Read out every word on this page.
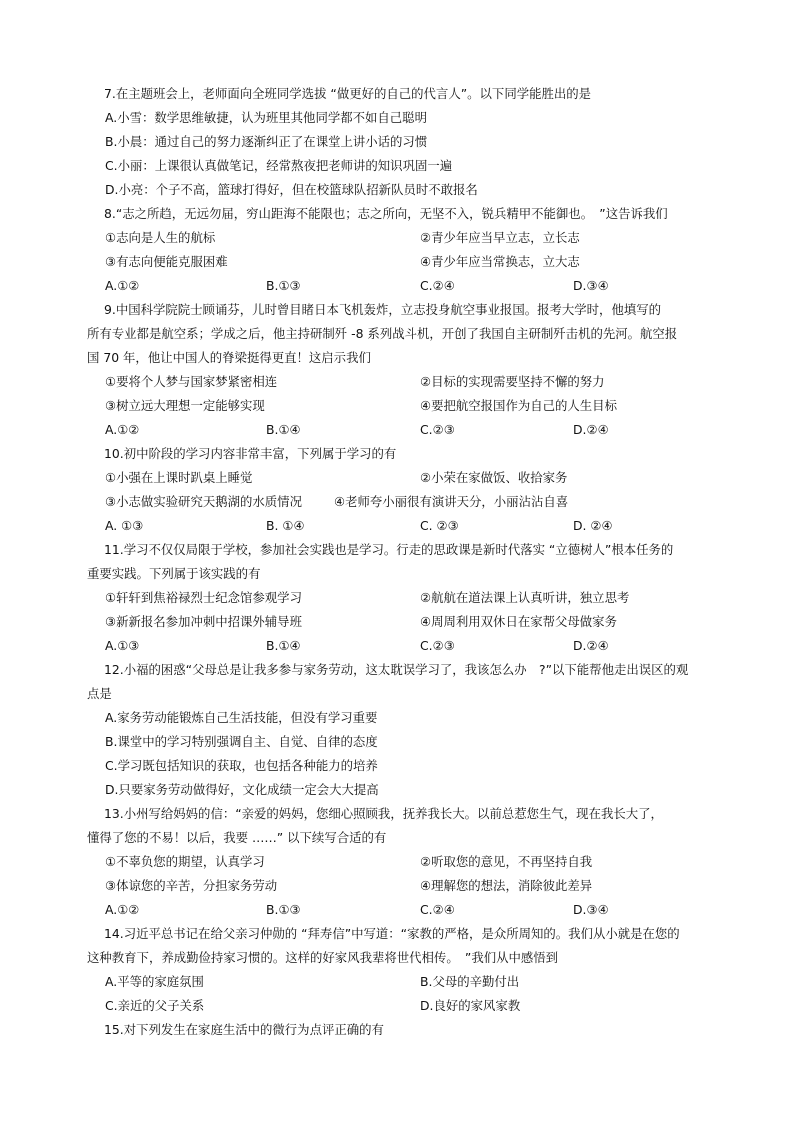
7.在主题班会上，老师面向全班同学选拔 “做更好的自己的代言人”。以下同学能胜出的是
A.小雪：数学思维敏捷，认为班里其他同学都不如自己聪明
B.小晨：通过自己的努力逐渐纠正了在课堂上讲小话的习惯
C.小丽：上课很认真做笔记，经常熬夜把老师讲的知识巩固一遍
D.小亮：个子不高，篮球打得好，但在校篮球队招新队员时不敢报名
8.“志之所趋，无远勿届，穷山距海不能限也；志之所向，无坚不入，锐兵精甲不能御也。　”这告诉我们
①志向是人生的航标	②青少年应当早立志，立长志
③有志向便能克服困难	④青少年应当常换志，立大志
A.①②	B.①③	C.②④	D.③④
9.中国科学院院士顾诵芬，儿时曾目睹日本飞机轰炸，立志投身航空事业报国。报考大学时，他填写的
所有专业都是航空系；学成之后，他主持研制歼 -8 系列战斗机，开创了我国自主研制歼击机的先河。航空报
国 70 年，他让中国人的脊梁挺得更直！这启示我们
①要将个人梦与国家梦紧密相连	②目标的实现需要坚持不懈的努力
③树立远大理想一定能够实现	④要把航空报国作为自己的人生目标
A.①②	B.①④	C.②③	D.②④
10.初中阶段的学习内容非常丰富，下列属于学习的有
①小强在上课时趴桌上睡觉	②小荣在家做饭、收拾家务
③小志做实验研究天鹅湖的水质情况	④老师夸小丽很有演讲天分，小丽沾沾自喜
A. ①③	B. ①④	C. ②③	D. ②④
11.学习不仅仅局限于学校，参加社会实践也是学习。行走的思政课是新时代落实 “立德树人”根本任务的
重要实践。下列属于该实践的有
①轩轩到焦裕禄烈士纪念馆参观学习	②航航在道法课上认真听讲，独立思考
③新新报名参加冲刺中招课外辅导班	④周周利用双休日在家帮父母做家务
A.①③	B.①④	C.②③	D.②④
12.小福的困惑“父母总是让我多参与家务劳动，这太耽误学习了，我该怎么办　?”以下能帮他走出误区的观
点是
A.家务劳动能锻炼自己生活技能，但没有学习重要
B.课堂中的学习特别强调自主、自觉、自律的态度
C.学习既包括知识的获取，也包括各种能力的培养
D.只要家务劳动做得好，文化成绩一定会大大提高
13.小州写给妈妈的信：“亲爱的妈妈，您细心照顾我，抚养我长大。以前总惹您生气，现在我长大了，
懂得了您的不易！以后，我要 ……” 以下续写合适的有
①不辜负您的期望，认真学习	②听取您的意见，不再坚持自我
③体谅您的辛苦，分担家务劳动	④理解您的想法，消除彼此差异
A.①②	B.①③	C.②④	D.③④
14.习近平总书记在给父亲习仲勋的 “拜寿信”中写道：“家教的严格，是众所周知的。我们从小就是在您的
这种教育下，养成勤俭持家习惯的。这样的好家风我辈将世代相传。　”我们从中感悟到
A.平等的家庭氛围	B.父母的辛勤付出
C.亲近的父子关系	D.良好的家风家教
15.对下列发生在家庭生活中的微行为点评正确的有
